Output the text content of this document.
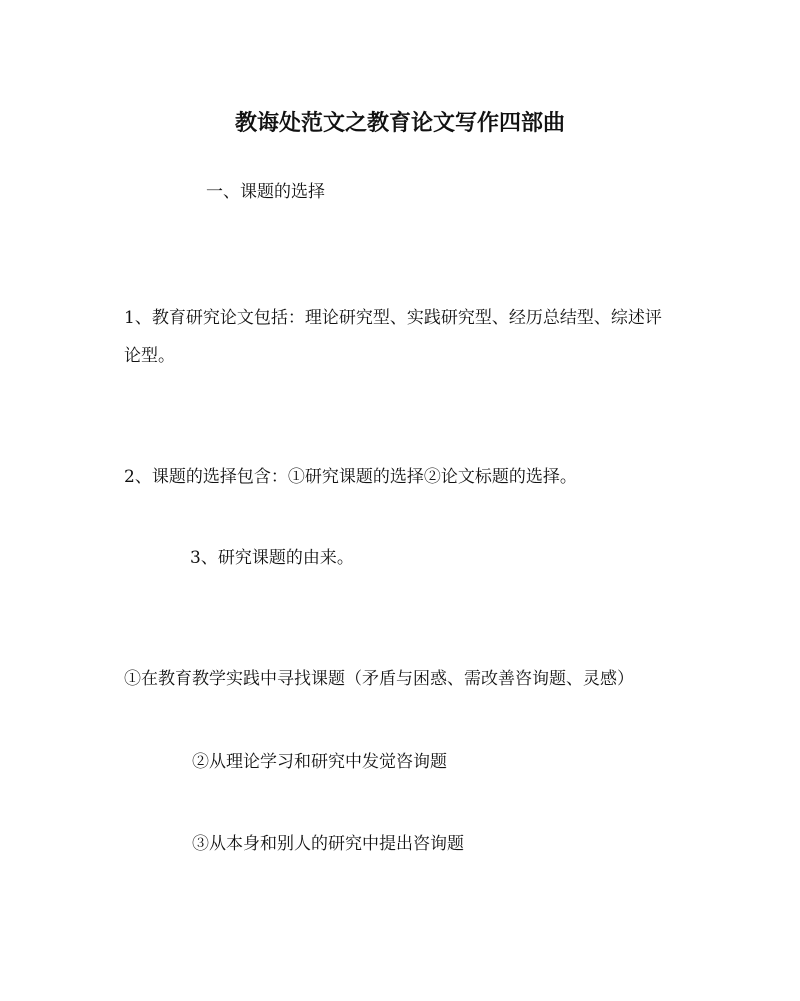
教诲处范文之教育论文写作四部曲

一、课题的选择

1、教育研究论文包括：理论研究型、实践研究型、经历总结型、综述评论型。

2、课题的选择包含：①研究课题的选择②论文标题的选择。

3、研究课题的由来。

①在教育教学实践中寻找课题（矛盾与困惑、需改善咨询题、灵感）

②从理论学习和研究中发觉咨询题

③从本身和别人的研究中提出咨询题
